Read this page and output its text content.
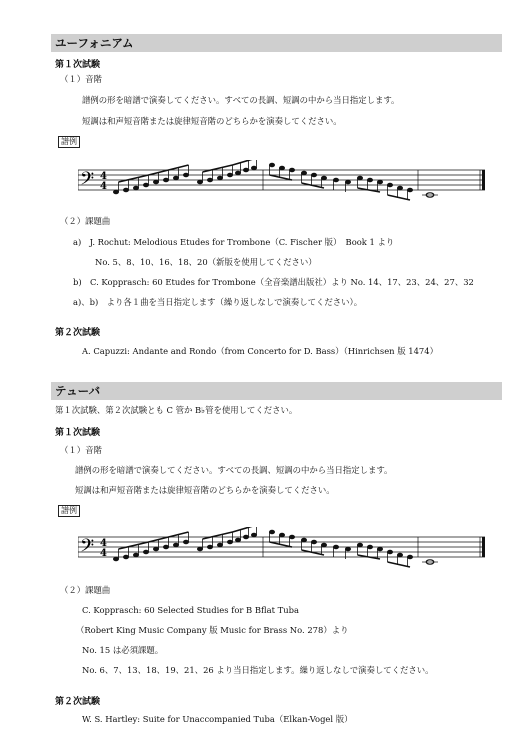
ユーフォニアム
第１次試験
（１）音階
譜例の形を暗譜で演奏してください。すべての長調、短調の中から当日指定します。
短調は和声短音階または旋律短音階のどちらかを演奏してください。
譜例
𝄢 4
4
（２）課題曲
a)　J. Rochut: Melodious Etudes for Trombone（C. Fischer 版）　Book 1 より
No. 5、8、10、16、18、20（新版を使用してください）
b)　C. Kopprasch: 60 Etudes for Trombone（全音楽譜出版社）より No. 14、17、23、24、27、32
a)、b)　より各１曲を当日指定します（繰り返しなしで演奏してください）。
第２次試験
A. Capuzzi: Andante and Rondo（from Concerto for D. Bass）（Hinrichsen 版 1474）
テューバ
第１次試験、第２次試験とも C 管か B♭管を使用してください。
第１次試験
（１）音階
譜例の形を暗譜で演奏してください。すべての長調、短調の中から当日指定します。
短調は和声短音階または旋律短音階のどちらかを演奏してください。
譜例
𝄢 4
4
（２）課題曲
C. Kopprasch: 60 Selected Studies for B Bflat Tuba
（Robert King Music Company 版 Music for Brass No. 278）より
No. 15 は必須課題。
No. 6、7、13、18、19、21、26 より当日指定します。繰り返しなしで演奏してください。
第２次試験
W. S. Hartley: Suite for Unaccompanied Tuba（Elkan-Vogel 版）
